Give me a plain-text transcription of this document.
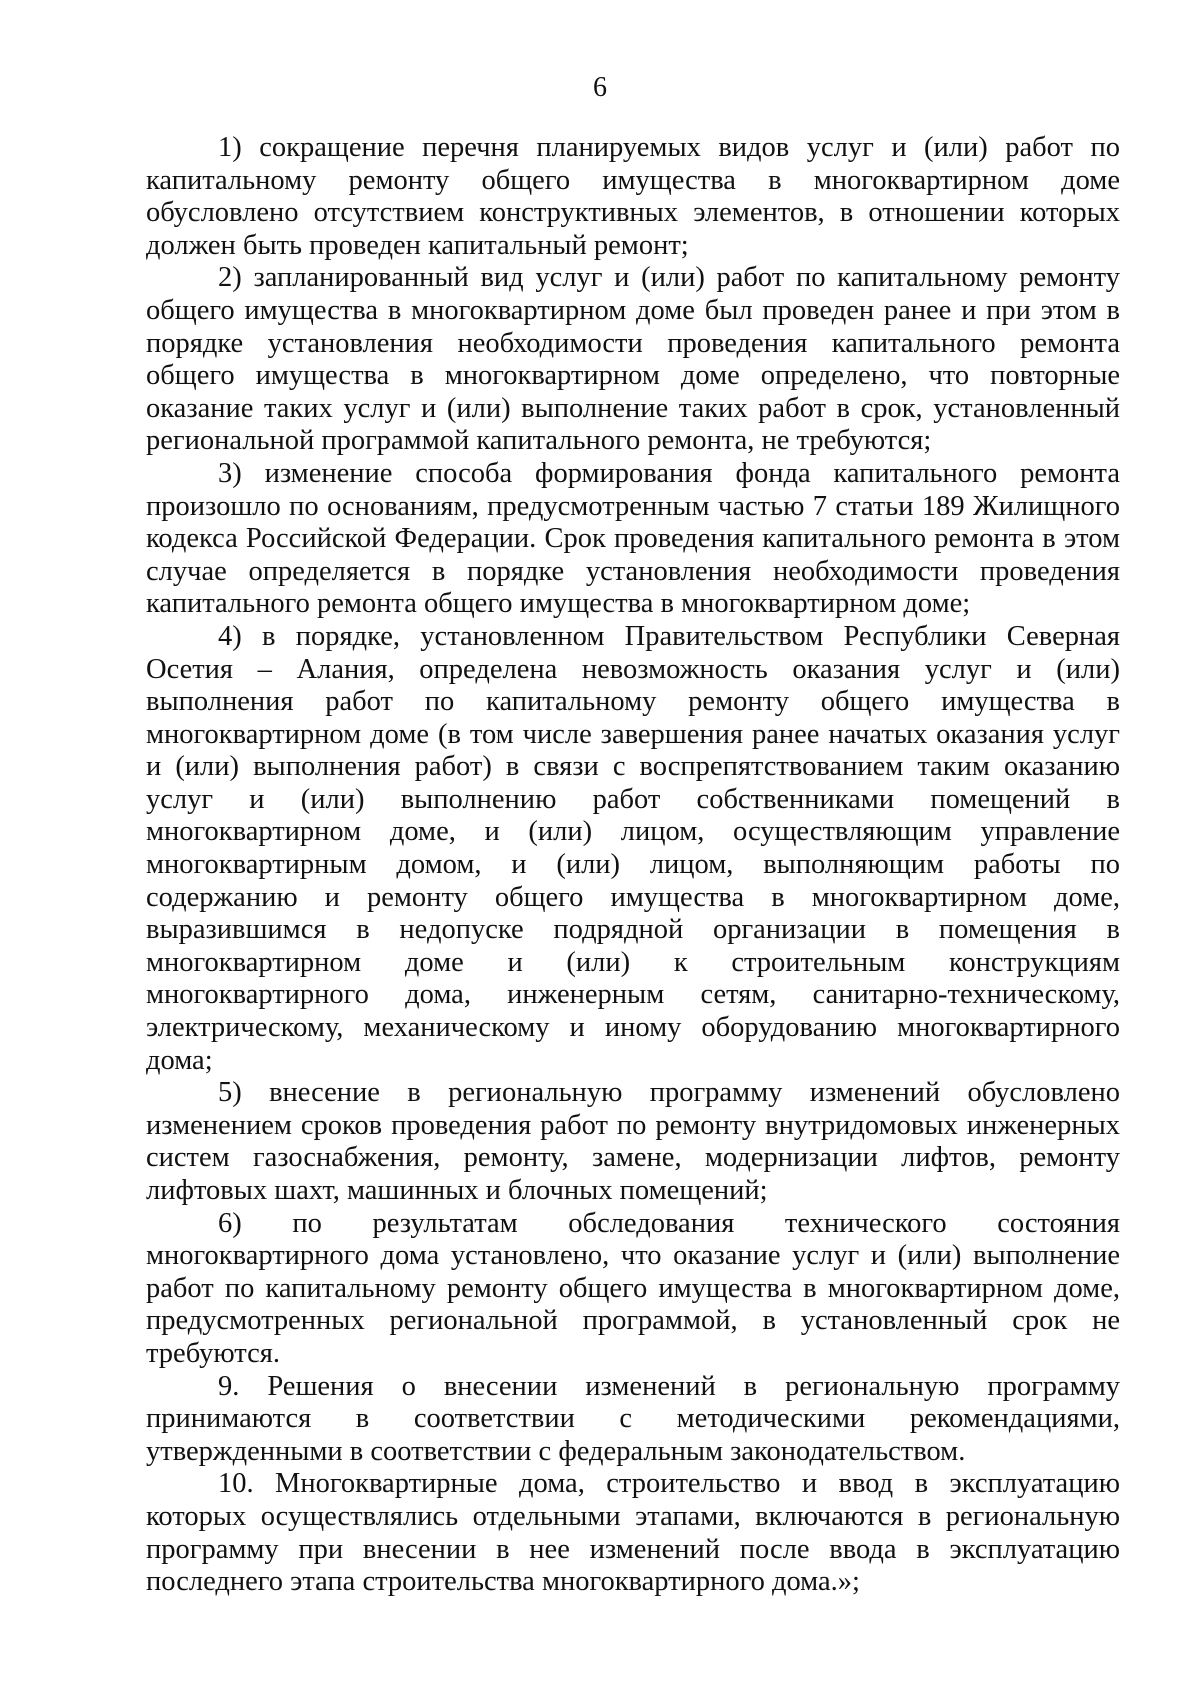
6

1) сокращение перечня планируемых видов услуг и (или) работ по капитальному ремонту общего имущества в многоквартирном доме обусловлено отсутствием конструктивных элементов, в отношении которых должен быть проведен капитальный ремонт;

2) запланированный вид услуг и (или) работ по капитальному ремонту общего имущества в многоквартирном доме был проведен ранее и при этом в порядке установления необходимости проведения капитального ремонта общего имущества в многоквартирном доме определено, что повторные оказание таких услуг и (или) выполнение таких работ в срок, установленный региональной программой капитального ремонта, не требуются;

3) изменение способа формирования фонда капитального ремонта произошло по основаниям, предусмотренным частью 7 статьи 189 Жилищного кодекса Российской Федерации. Срок проведения капитального ремонта в этом случае определяется в порядке установления необходимости проведения капитального ремонта общего имущества в многоквартирном доме;

4) в порядке, установленном Правительством Республики Северная Осетия – Алания, определена невозможность оказания услуг и (или) выполнения работ по капитальному ремонту общего имущества в многоквартирном доме (в том числе завершения ранее начатых оказания услуг и (или) выполнения работ) в связи с воспрепятствованием таким оказанию услуг и (или) выполнению работ собственниками помещений в многоквартирном доме, и (или) лицом, осуществляющим управление многоквартирным домом, и (или) лицом, выполняющим работы по содержанию и ремонту общего имущества в многоквартирном доме, выразившимся в недопуске подрядной организации в помещения в многоквартирном доме и (или) к строительным конструкциям многоквартирного дома, инженерным сетям, санитарно-техническому, электрическому, механическому и иному оборудованию многоквартирного дома;

5) внесение в региональную программу изменений обусловлено изменением сроков проведения работ по ремонту внутридомовых инженерных систем газоснабжения, ремонту, замене, модернизации лифтов, ремонту лифтовых шахт, машинных и блочных помещений;

6) по результатам обследования технического состояния многоквартирного дома установлено, что оказание услуг и (или) выполнение работ по капитальному ремонту общего имущества в многоквартирном доме, предусмотренных региональной программой, в установленный срок не требуются.

9. Решения о внесении изменений в региональную программу принимаются в соответствии с методическими рекомендациями, утвержденными в соответствии с федеральным законодательством.

10. Многоквартирные дома, строительство и ввод в эксплуатацию которых осуществлялись отдельными этапами, включаются в региональную программу при внесении в нее изменений после ввода в эксплуатацию последнего этапа строительства многоквартирного дома.»;
